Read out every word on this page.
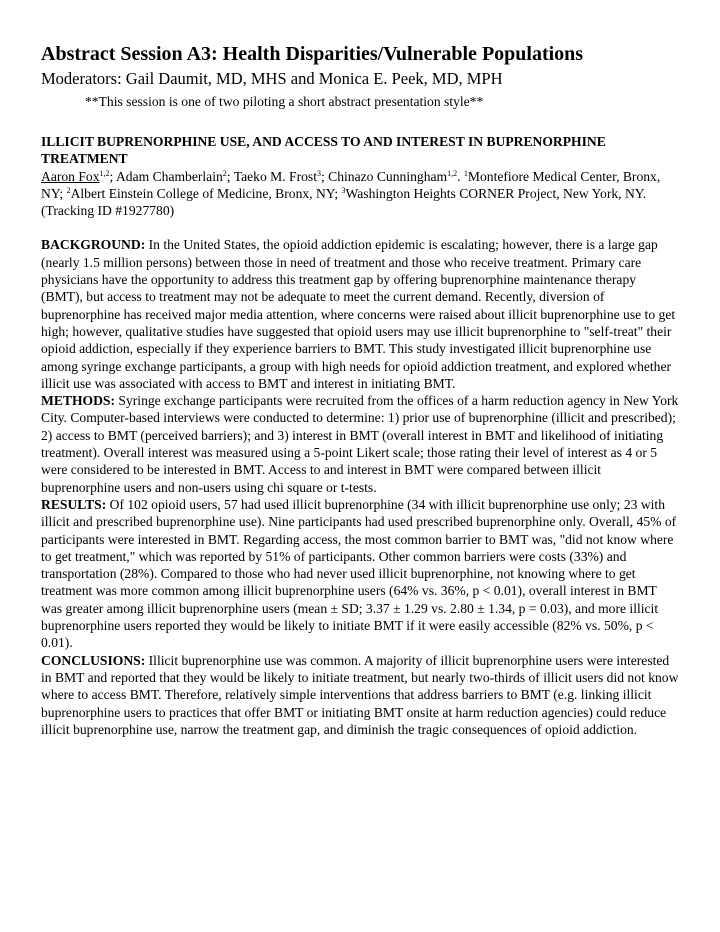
Abstract Session A3: Health Disparities/Vulnerable Populations

Moderators: Gail Daumit, MD, MHS and Monica E. Peek, MD, MPH

**This session is one of two piloting a short abstract presentation style**

ILLICIT BUPRENORPHINE USE, AND ACCESS TO AND INTEREST IN BUPRENORPHINE TREATMENT

Aaron Fox$^{1,2}$; Adam Chamberlain$^2$; Taeko M. Frost$^3$; Chinazo Cunningham$^{1,2}$. $^1$Montefiore Medical Center, Bronx, NY; $^2$Albert Einstein College of Medicine, Bronx, NY; $^3$Washington Heights CORNER Project, New York, NY. (Tracking ID #1927780)

BACKGROUND: In the United States, the opioid addiction epidemic is escalating; however, there is a large gap (nearly 1.5 million persons) between those in need of treatment and those who receive treatment. Primary care physicians have the opportunity to address this treatment gap by offering buprenorphine maintenance therapy (BMT), but access to treatment may not be adequate to meet the current demand. Recently, diversion of buprenorphine has received major media attention, where concerns were raised about illicit buprenorphine use to get high; however, qualitative studies have suggested that opioid users may use illicit buprenorphine to "self-treat" their opioid addiction, especially if they experience barriers to BMT. This study investigated illicit buprenorphine use among syringe exchange participants, a group with high needs for opioid addiction treatment, and explored whether illicit use was associated with access to BMT and interest in initiating BMT.
METHODS: Syringe exchange participants were recruited from the offices of a harm reduction agency in New York City. Computer-based interviews were conducted to determine: 1) prior use of buprenorphine (illicit and prescribed); 2) access to BMT (perceived barriers); and 3) interest in BMT (overall interest in BMT and likelihood of initiating treatment). Overall interest was measured using a 5-point Likert scale; those rating their level of interest as 4 or 5 were considered to be interested in BMT. Access to and interest in BMT were compared between illicit buprenorphine users and non-users using chi square or t-tests.
RESULTS: Of 102 opioid users, 57 had used illicit buprenorphine (34 with illicit buprenorphine use only; 23 with illicit and prescribed buprenorphine use). Nine participants had used prescribed buprenorphine only. Overall, 45% of participants were interested in BMT. Regarding access, the most common barrier to BMT was, "did not know where to get treatment," which was reported by 51% of participants. Other common barriers were costs (33%) and transportation (28%). Compared to those who had never used illicit buprenorphine, not knowing where to get treatment was more common among illicit buprenorphine users (64% vs. 36%, p < 0.01), overall interest in BMT was greater among illicit buprenorphine users (mean ± SD; 3.37 ± 1.29 vs. 2.80 ± 1.34, p = 0.03), and more illicit buprenorphine users reported they would be likely to initiate BMT if it were easily accessible (82% vs. 50%, p < 0.01).
CONCLUSIONS: Illicit buprenorphine use was common. A majority of illicit buprenorphine users were interested in BMT and reported that they would be likely to initiate treatment, but nearly two-thirds of illicit users did not know where to access BMT. Therefore, relatively simple interventions that address barriers to BMT (e.g. linking illicit buprenorphine users to practices that offer BMT or initiating BMT onsite at harm reduction agencies) could reduce illicit buprenorphine use, narrow the treatment gap, and diminish the tragic consequences of opioid addiction.
